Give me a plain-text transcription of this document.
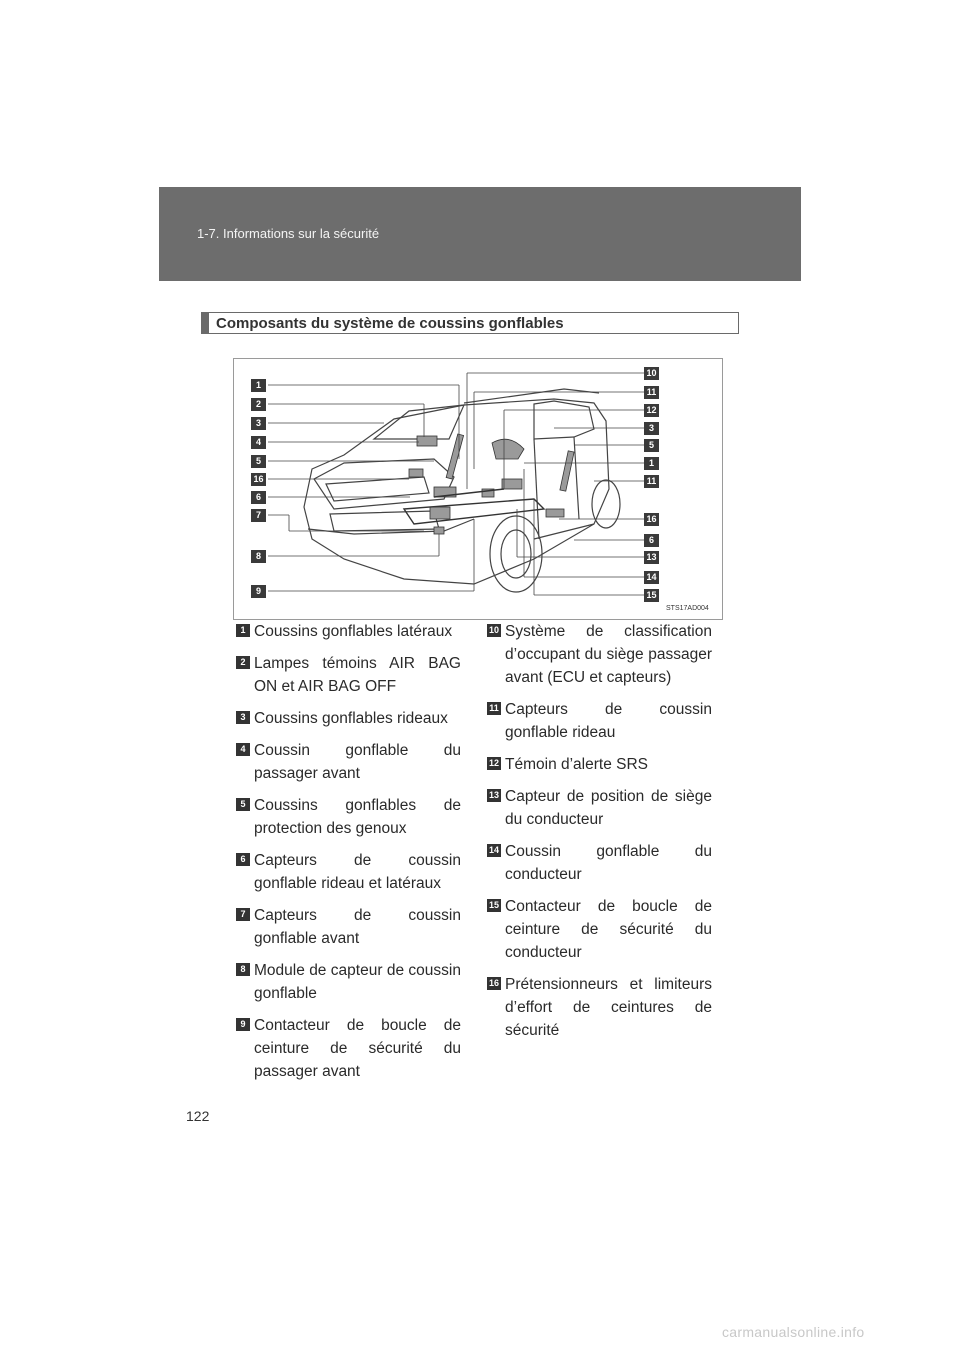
1-7. Informations sur la sécurité
Composants du système de coussins gonflables
1
2
3
4
5
16
6
7
8
9
10
11
12
3
5
1
11
16
6
13
14
15
STS17AD004
1 Coussins gonflables latéraux
2 Lampes témoins AIR BAG ON et AIR BAG OFF
3 Coussins gonflables rideaux
4 Coussin gonflable du passager avant
5 Coussins gonflables de protection des genoux
6 Capteurs de coussin gonflable rideau et latéraux
7 Capteurs de coussin gonflable avant
8 Module de capteur de coussin gonflable
9 Contacteur de boucle de ceinture de sécurité du passager avant
10 Système de classification d’occupant du siège passager avant (ECU et capteurs)
11 Capteurs de coussin gonflable rideau
12 Témoin d’alerte SRS
13 Capteur de position de siège du conducteur
14 Coussin gonflable du conducteur
15 Contacteur de boucle de ceinture de sécurité du conducteur
16 Prétensionneurs et limiteurs d’effort de ceintures de sécurité
122
carmanualsonline.info
